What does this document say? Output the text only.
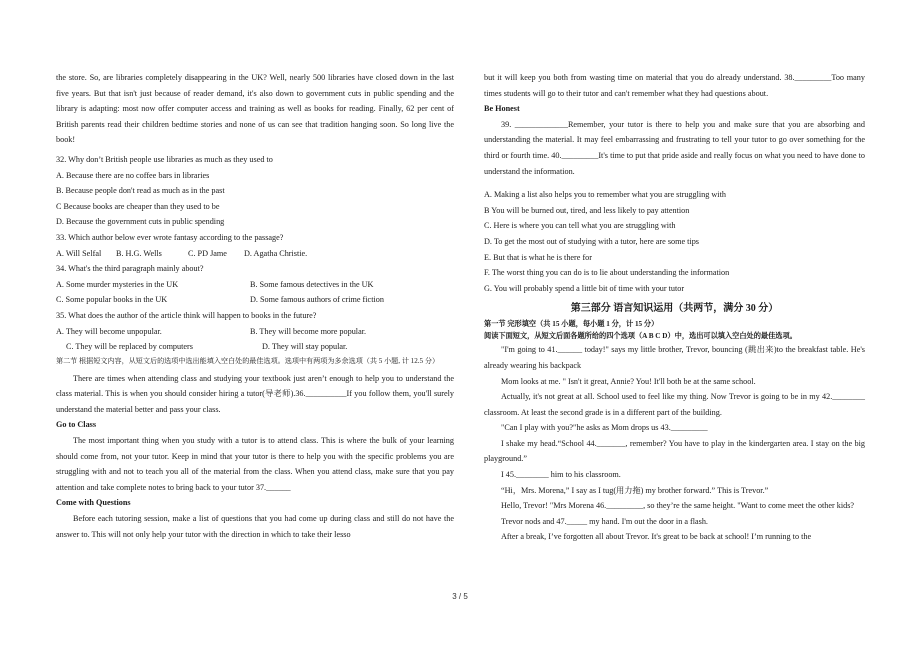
the store. So, are libraries completely disappearing in the UK? Well, nearly 500 libraries have closed down in the last five years. But that isn't just because of reader demand, it's also down to government cuts in public spending and the library is adapting: most now offer computer access and training as well as books for reading. Finally, 62 per cent of British parents read their children bedtime stories and none of us can see that tradition hanging soon. So long live the book!

32. Why don’t British people use libraries as much as they used to

A. Because there are no coffee bars in libraries

B. Because people don't read as much as in the past

C Because books are cheaper than they used to be

D. Because the government cuts in public spending

33. Which author below ever wrote fantasy according to the passage?

A. Will Selfal	B. H.G. Wells	C. PD Jame	D. Agatha Christie.

34. What's the third paragraph mainly about?

A. Some murder mysteries in the UK	B. Some famous detectives in the UK
C. Some popular books in the UK	D. Some famous authors of crime fiction

35. What does the author of the article think will happen to books in the future?

A. They will become unpopular.	B. They will become more popular.
C. They will be replaced by computers	D. They will stay popular.

第二节 根据短文内容，从短文后的选项中选出能填入空白处的最佳选项。选项中有两项为多余选项（共 5 小题, 计 12.5 分）

There are times when attending class and studying your textbook just aren’t enough to help you to understand the class material. This is when you should consider hiring a tutor(导老师).36.__________If you follow them, you'll surely understand the material better and pass your class.

Go to Class

The most important thing when you study with a tutor is to attend class. This is where the bulk of your learning should come from, not your tutor. Keep in mind that your tutor is there to help you with the specific problems you are struggling with and not to teach you all of the material from the class. When you attend class, make sure that you pay attention and take complete notes to bring back to your tutor 37.______

Come with Questions

Before each tutoring session, make a list of questions that you had come up during class and still do not have the answer to. This will not only help your tutor with the direction in which to take their lesso

but it will keep you both from wasting time on material that you do already understand. 38._________Too many times students will go to their tutor and can't remember what they had questions about.

Be Honest

39. _____________Remember, your tutor is there to help you and make sure that you are absorbing and understanding the material. It may feel embarrassing and frustrating to tell your tutor to go over something for the third or fourth time. 40._________It's time to put that pride aside and really focus on what you need to have done to understand the information.

A. Making a list also helps you to remember what you are struggling with

B You will be burned out, tired, and less likely to pay attention

C. Here is where you can tell what you are struggling with

D. To get the most out of studying with a tutor, here are some tips

E. But that is what he is there for

F. The worst thing you can do is to lie about understanding the information

G. You will probably spend a little bit of time with your tutor

第三部分 语言知识运用（共两节，满分 30 分）

第一节 完形填空（共 15 小题，每小题 1 分，计 15 分）

阅读下面短文，从短文后面各题所给的四个选项（A B C D）中，选出可以填入空白处的最佳选项。

"I'm going to 41.______ today!" says my little brother, Trevor, bouncing (跳出来)to the breakfast table. He's already wearing his backpack

Mom looks at me. " Isn't it great, Annie? You! It'll both be at the same school.

Actually, it's not great at all. School used to feel like my thing. Now Trevor is going to be in my 42.________ classroom. At least the second grade is in a different part of the building.

"Can I play with you?"he asks as Mom drops us 43._________

I shake my head.“School 44._______, remember? You have to play in the kindergarten area. I stay on the big playground.”

I 45.________ him to his classroom.

“Hi，Mrs. Morena,” I say as I tug(用力拖) my brother forward.” This is Trevor.”

Hello, Trevor! "Mrs Morena 46._________, so they’re the same height. "Want to come meet the other kids?

Trevor nods and 47._____ my hand. I'm out the door in a flash.

After a break, I’ve forgotten all about Trevor. It's great to be back at school! I’m running to the

3 / 5
